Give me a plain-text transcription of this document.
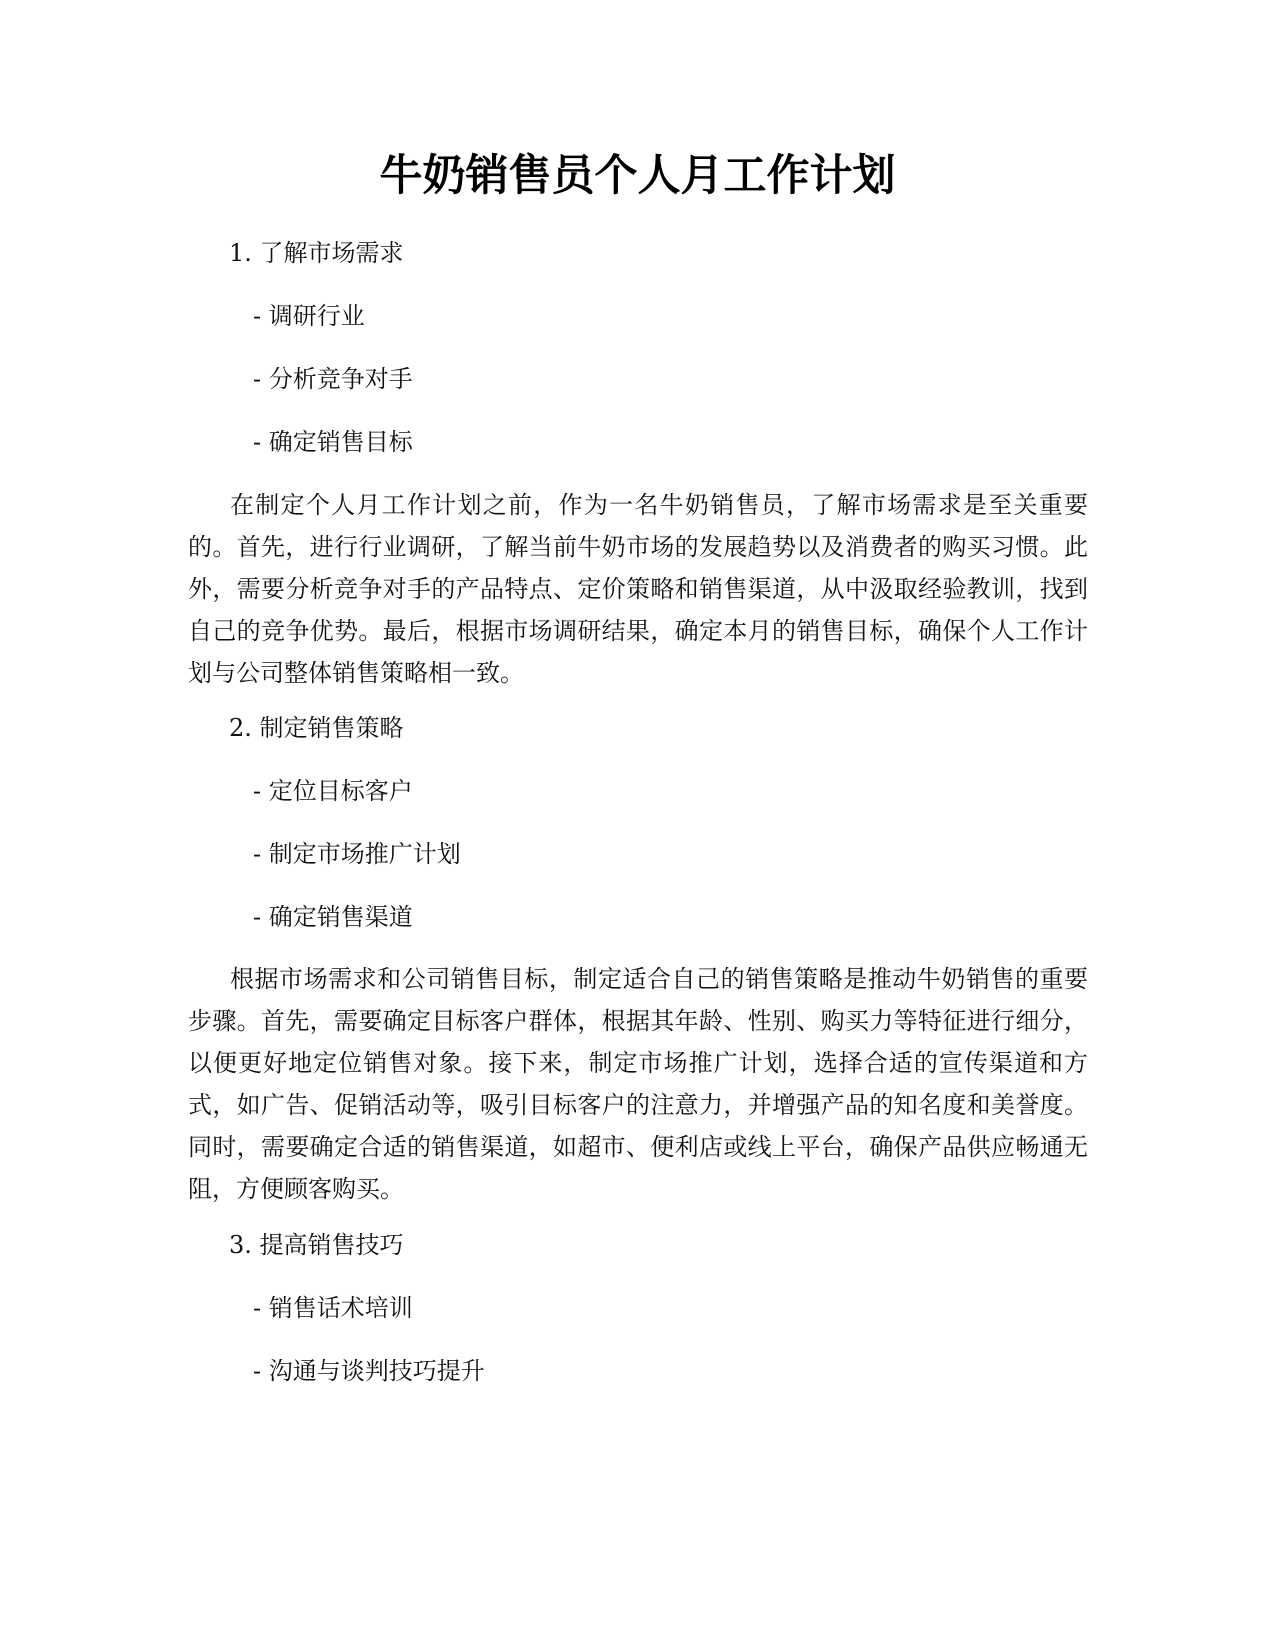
牛奶销售员个人月工作计划

1. 了解市场需求

- 调研行业

- 分析竞争对手

- 确定销售目标

在制定个人月工作计划之前，作为一名牛奶销售员，了解市场需求是至关重要的。首先，进行行业调研，了解当前牛奶市场的发展趋势以及消费者的购买习惯。此外，需要分析竞争对手的产品特点、定价策略和销售渠道，从中汲取经验教训，找到自己的竞争优势。最后，根据市场调研结果，确定本月的销售目标，确保个人工作计划与公司整体销售策略相一致。

2. 制定销售策略

- 定位目标客户

- 制定市场推广计划

- 确定销售渠道

根据市场需求和公司销售目标，制定适合自己的销售策略是推动牛奶销售的重要步骤。首先，需要确定目标客户群体，根据其年龄、性别、购买力等特征进行细分，以便更好地定位销售对象。接下来，制定市场推广计划，选择合适的宣传渠道和方式，如广告、促销活动等，吸引目标客户的注意力，并增强产品的知名度和美誉度。同时，需要确定合适的销售渠道，如超市、便利店或线上平台，确保产品供应畅通无阻，方便顾客购买。

3. 提高销售技巧

- 销售话术培训

- 沟通与谈判技巧提升
